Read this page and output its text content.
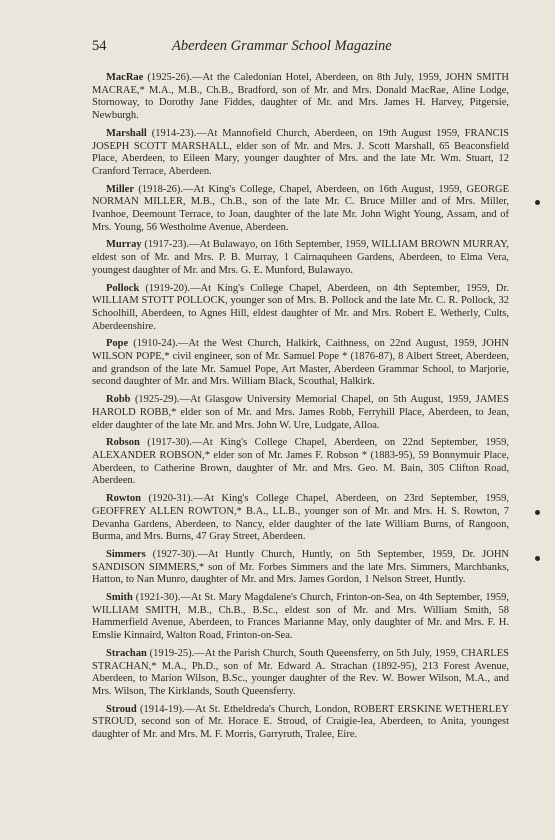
54	Aberdeen Grammar School Magazine

MacRae (1925-26).—At the Caledonian Hotel, Aberdeen, on 8th July, 1959, JOHN SMITH MACRAE,* M.A., M.B., Ch.B., Bradford, son of Mr. and Mrs. Donald MacRae, Aline Lodge, Stornoway, to Dorothy Jane Fiddes, daughter of Mr. and Mrs. James H. Harvey, Pitgersie, Newburgh.

Marshall (1914-23).—At Mannofield Church, Aberdeen, on 19th August 1959, FRANCIS JOSEPH SCOTT MARSHALL, elder son of Mr. and Mrs. J. Scott Marshall, 65 Beaconsfield Place, Aberdeen, to Eileen Mary, younger daughter of Mrs. and the late Mr. Wm. Stuart, 12 Cranford Terrace, Aberdeen.

Miller (1918-26).—At King's College, Chapel, Aberdeen, on 16th August, 1959, GEORGE NORMAN MILLER, M.B., Ch.B., son of the late Mr. C. Bruce Miller and of Mrs. Miller, Ivanhoe, Deemount Terrace, to Joan, daughter of the late Mr. John Wight Young, Assam, and of Mrs. Young, 56 Westholme Avenue, Aberdeen.

Murray (1917-23).—At Bulawayo, on 16th September, 1959, WILLIAM BROWN MURRAY, eldest son of Mr. and Mrs. P. B. Murray, 1 Cairnaquheen Gardens, Aberdeen, to Elma Vera, youngest daughter of Mr. and Mrs. G. E. Munford, Bulawayo.

Pollock (1919-20).—At King's College Chapel, Aberdeen, on 4th September, 1959, Dr. WILLIAM STOTT POLLOCK, younger son of Mrs. B. Pollock and the late Mr. C. R. Pollock, 32 Schoolhill, Aberdeen, to Agnes Hill, eldest daughter of Mr. and Mrs. Robert E. Wetherly, Cults, Aberdeenshire.

Pope (1910-24).—At the West Church, Halkirk, Caithness, on 22nd August, 1959, JOHN WILSON POPE,* civil engineer, son of Mr. Samuel Pope * (1876-87), 8 Albert Street, Aberdeen, and grandson of the late Mr. Samuel Pope, Art Master, Aberdeen Grammar School, to Marjorie, second daughter of Mr. and Mrs. William Black, Scouthal, Halkirk.

Robb (1925-29).—At Glasgow University Memorial Chapel, on 5th August, 1959, JAMES HAROLD ROBB,* elder son of Mr. and Mrs. James Robb, Ferryhill Place, Aberdeen, to Jean, elder daughter of the late Mr. and Mrs. John W. Ure, Ludgate, Alloa.

Robson (1917-30).—At King's College Chapel, Aberdeen, on 22nd September, 1959, ALEXANDER ROBSON,* elder son of Mr. James F. Robson * (1883-95), 59 Bonnymuir Place, Aberdeen, to Catherine Brown, daughter of Mr. and Mrs. Geo. M. Bain, 305 Clifton Road, Aberdeen.

Rowton (1920-31).—At King's College Chapel, Aberdeen, on 23rd September, 1959, GEOFFREY ALLEN ROWTON,* B.A., LL.B., younger son of Mr. and Mrs. H. S. Rowton, 7 Devanha Gardens, Aberdeen, to Nancy, elder daughter of the late William Burns, of Rangoon, Burma, and Mrs. Burns, 47 Gray Street, Aberdeen.

Simmers (1927-30).—At Huntly Church, Huntly, on 5th September, 1959, Dr. JOHN SANDISON SIMMERS,* son of Mr. Forbes Simmers and the late Mrs. Simmers, Marchbanks, Hatton, to Nan Munro, daughter of Mr. and Mrs. James Gordon, 1 Nelson Street, Huntly.

Smith (1921-30).—At St. Mary Magdalene's Church, Frinton-on-Sea, on 4th September, 1959, WILLIAM SMITH, M.B., Ch.B., B.Sc., eldest son of Mr. and Mrs. William Smith, 58 Hammerfield Avenue, Aberdeen, to Frances Marianne May, only daughter of Mr. and Mrs. F. H. Emslie Kinnaird, Walton Road, Frinton-on-Sea.

Strachan (1919-25).—At the Parish Church, South Queensferry, on 5th July, 1959, CHARLES STRACHAN,* M.A., Ph.D., son of Mr. Edward A. Strachan (1892-95), 213 Forest Avenue, Aberdeen, to Marion Wilson, B.Sc., younger daughter of the Rev. W. Bower Wilson, M.A., and Mrs. Wilson, The Kirklands, South Queensferry.

Stroud (1914-19).—At St. Etheldreda's Church, London, ROBERT ERSKINE WETHERLEY STROUD, second son of Mr. Horace E. Stroud, of Craigie-lea, Aberdeen, to Anita, youngest daughter of Mr. and Mrs. M. F. Morris, Garryruth, Tralee, Eire.
